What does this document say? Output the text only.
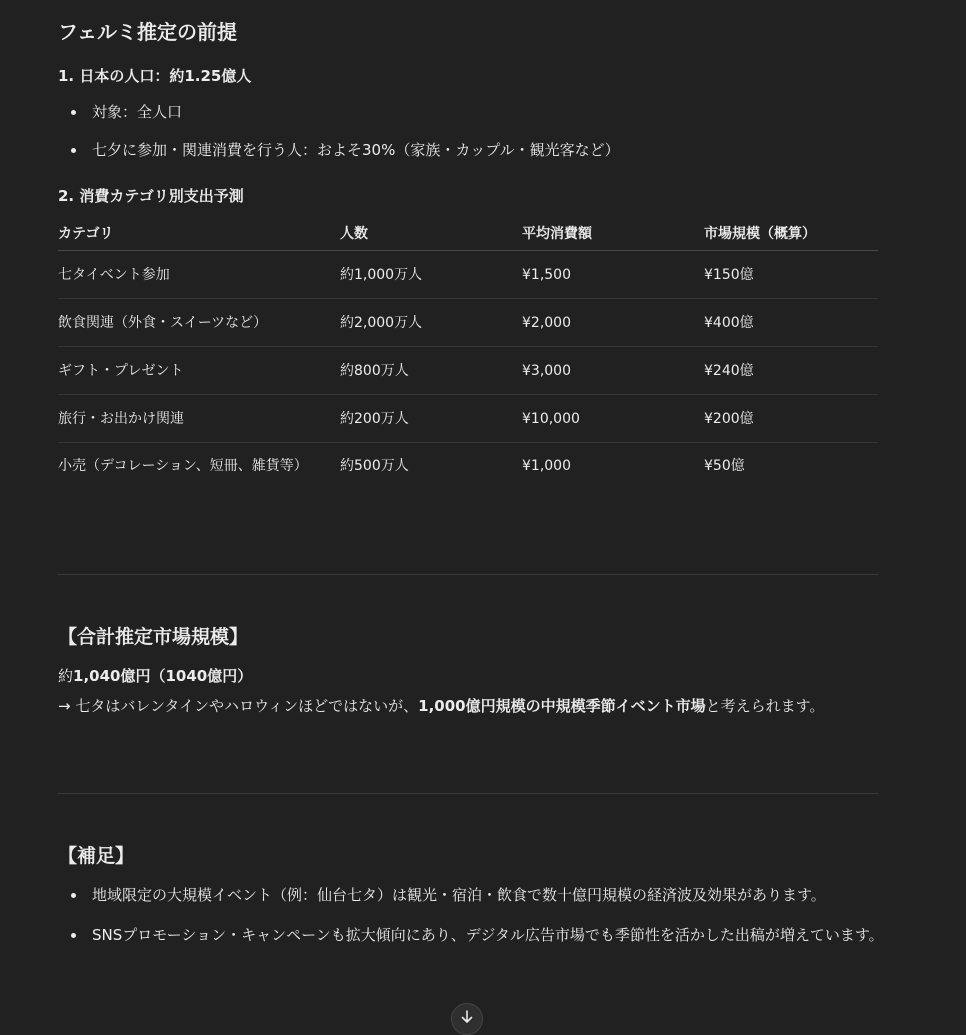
フェルミ推定の前提
1. 日本の人口：約1.25億人
対象：全人口
七夕に参加・関連消費を行う人：およそ30%（家族・カップル・観光客など）
2. 消費カテゴリ別支出予測
カテゴリ	人数	平均消費額	市場規模（概算）
七タイベント参加	約1,000万人	¥1,500	¥150億
飲食関連（外食・スイーツなど）	約2,000万人	¥2,000	¥400億
ギフト・プレゼント	約800万人	¥3,000	¥240億
旅行・お出かけ関連	約200万人	¥10,000	¥200億
小売（デコレーション、短冊、雑貨等）	約500万人	¥1,000	¥50億
【合計推定市場規模】
約1,040億円（1040億円）
→ 七タはバレンタインやハロウィンほどではないが、1,000億円規模の中規模季節イベント市場と考えられます。
【補足】
地域限定の大規模イベント（例：仙台七タ）は観光・宿泊・飲食で数十億円規模の経済波及効果があります。
SNSプロモーション・キャンペーンも拡大傾向にあり、デジタル広告市場でも季節性を活かした出稿が増えています。
